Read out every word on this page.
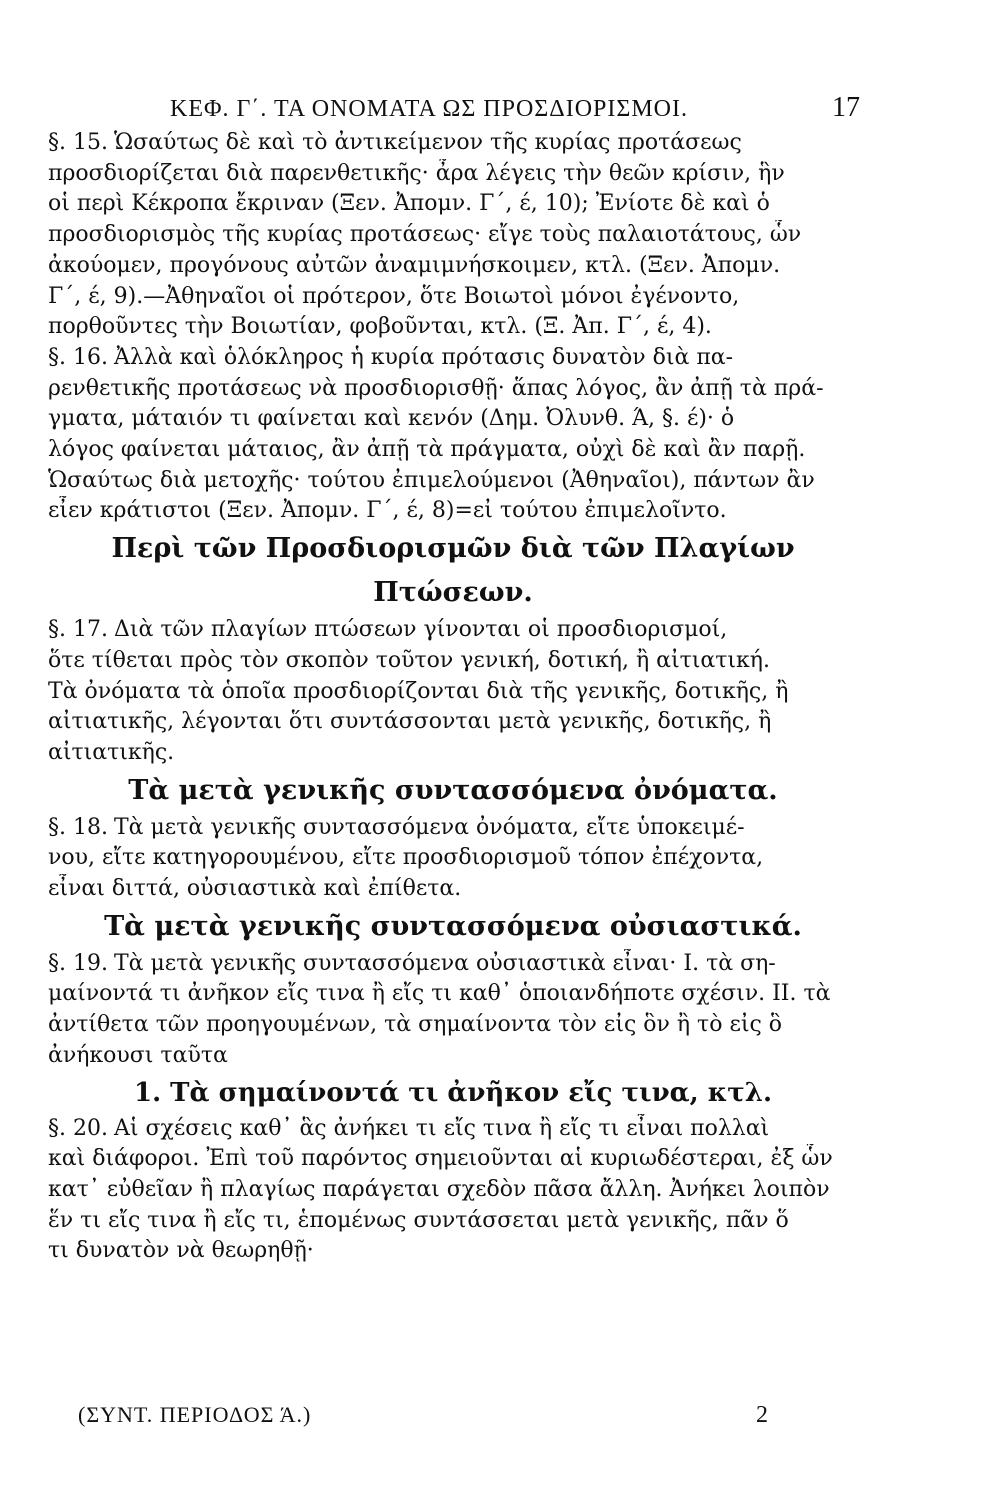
ΚΕΦ. Γ΄. ΤΑ ΟΝΟΜΑΤΑ ΩΣ ΠΡΟΣΔΙΟΡΙΣΜΟΙ.	17

§. 15. Ὡσαύτως δὲ καὶ τὸ ἀντικείμενον τῆς κυρίας προτάσεως
προσδιορίζεται διὰ παρενθετικῆς· ἆρα λέγεις τὴν θεῶν κρίσιν, ἣν
οἱ περὶ Κέκροπα ἔκριναν (Ξεν. Ἀπομν. Γ΄, έ, 10); Ἐνίοτε δὲ καὶ ὁ
προσδιορισμὸς τῆς κυρίας προτάσεως· εἴγε τοὺς παλαιοτάτους, ὧν
ἀκούομεν, προγόνους αὐτῶν ἀναμιμνήσκοιμεν, κτλ. (Ξεν. Ἀπομν.
Γ΄, έ, 9).—Ἀθηναῖοι οἱ πρότερον, ὅτε Βοιωτοὶ μόνοι ἐγένοντο,
πορθοῦντες τὴν Βοιωτίαν, φοβοῦνται, κτλ. (Ξ. Ἀπ. Γ΄, έ, 4).

§. 16. Ἀλλὰ καὶ ὁλόκληρος ἡ κυρία πρότασις δυνατὸν διὰ πα-
ρενθετικῆς προτάσεως νὰ προσδιορισθῇ· ἅπας λόγος, ἂν ἀπῇ τὰ πρά-
γματα, μάταιόν τι φαίνεται καὶ κενόν (Δημ. Ὀλυνθ. Ά, §. έ)· ὁ
λόγος φαίνεται μάταιος, ἂν ἀπῇ τὰ πράγματα, οὐχὶ δὲ καὶ ἂν παρῇ.
Ὡσαύτως διὰ μετοχῆς· τούτου ἐπιμελούμενοι (Ἀθηναῖοι), πάντων ἂν
εἶεν κράτιστοι (Ξεν. Ἀπομν. Γ΄, έ, 8)=εἰ τούτου ἐπιμελοῖντο.

Περὶ τῶν Προσδιορισμῶν διὰ τῶν Πλαγίων Πτώσεων.

§. 17. Διὰ τῶν πλαγίων πτώσεων γίνονται οἱ προσδιορισμοί,
ὅτε τίθεται πρὸς τὸν σκοπὸν τοῦτον γενική, δοτική, ἢ αἰτιατική.
Τὰ ὀνόματα τὰ ὁποῖα προσδιορίζονται διὰ τῆς γενικῆς, δοτικῆς, ἢ
αἰτιατικῆς, λέγονται ὅτι συντάσσονται μετὰ γενικῆς, δοτικῆς, ἢ
αἰτιατικῆς.

Τὰ μετὰ γενικῆς συντασσόμενα ὀνόματα.

§. 18. Τὰ μετὰ γενικῆς συντασσόμενα ὀνόματα, εἴτε ὑποκειμέ-
νου, εἴτε κατηγορουμένου, εἴτε προσδιορισμοῦ τόπον ἐπέχοντα,
εἶναι διττά, οὐσιαστικὰ καὶ ἐπίθετα.

Τὰ μετὰ γενικῆς συντασσόμενα οὐσιαστικά.

§. 19. Τὰ μετὰ γενικῆς συντασσόμενα οὐσιαστικὰ εἶναι· Ι. τὰ ση-
μαίνοντά τι ἀνῆκον εἴς τινα ἢ εἴς τι καθ᾽ ὁποιανδήποτε σχέσιν. ΙΙ. τὰ
ἀντίθετα τῶν προηγουμένων, τὰ σημαίνοντα τὸν εἰς ὃν ἢ τὸ εἰς ὃ
ἀνήκουσι ταῦτα

1. Τὰ σημαίνοντά τι ἀνῆκον εἴς τινα, κτλ.

§. 20. Αἱ σχέσεις καθ᾽ ἃς ἀνήκει τι εἴς τινα ἢ εἴς τι εἶναι πολλαὶ
καὶ διάφοροι. Ἐπὶ τοῦ παρόντος σημειοῦνται αἱ κυριωδέστεραι, ἐξ ὧν
κατ᾽ εὐθεῖαν ἢ πλαγίως παράγεται σχεδὸν πᾶσα ἄλλη. Ἀνήκει λοιπὸν
ἕν τι εἴς τινα ἢ εἴς τι, ἑπομένως συντάσσεται μετὰ γενικῆς, πᾶν ὅ
τι δυνατὸν νὰ θεωρηθῇ·

(ΣΥΝΤ. ΠΕΡΙΟΔΟΣ Ά.)	2
